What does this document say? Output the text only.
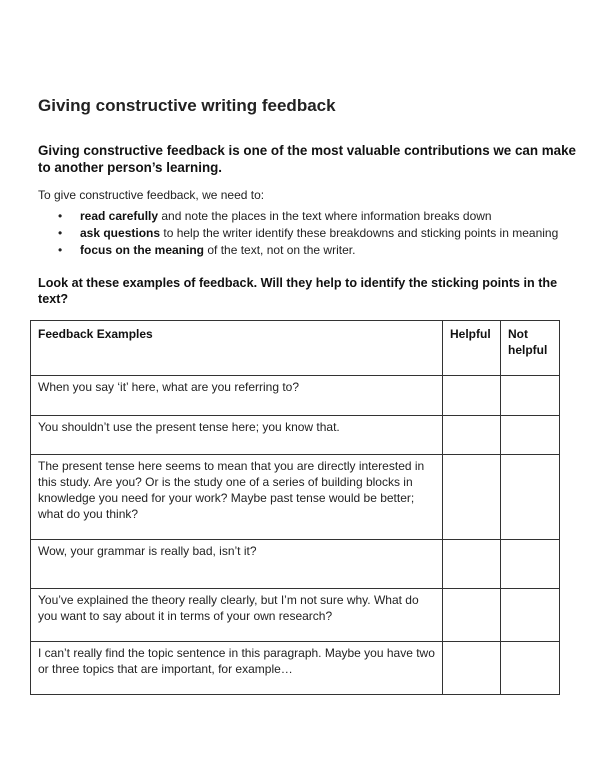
Giving constructive writing feedback
Giving constructive feedback is one of the most valuable contributions we can make to another person’s learning.
To give constructive feedback, we need to:
• read carefully and note the places in the text where information breaks down
• ask questions to help the writer identify these breakdowns and sticking points in meaning
• focus on the meaning of the text, not on the writer.
Look at these examples of feedback. Will they help to identify the sticking points in the text?
Feedback Examples	Helpful	Not helpful
When you say ‘it’ here, what are you referring to?		
You shouldn’t use the present tense here; you know that.		
The present tense here seems to mean that you are directly interested in this study. Are you? Or is the study one of a series of building blocks in knowledge you need for your work? Maybe past tense would be better; what do you think?		
Wow, your grammar is really bad, isn’t it?		
You’ve explained the theory really clearly, but I’m not sure why. What do you want to say about it in terms of your own research?		
I can’t really find the topic sentence in this paragraph. Maybe you have two or three topics that are important, for example…		
